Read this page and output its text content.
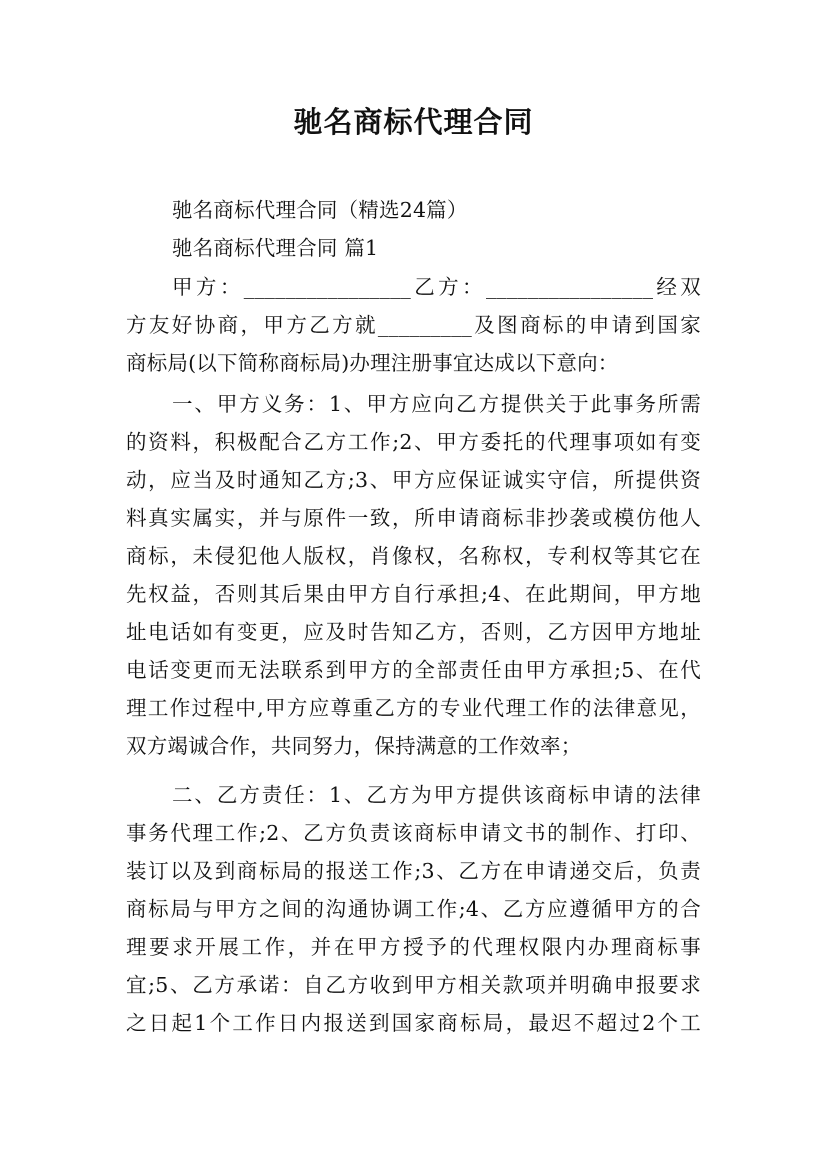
驰名商标代理合同
驰名商标代理合同（精选24篇）
驰名商标代理合同 篇1
甲方：________________乙方：________________经双
方友好协商，甲方乙方就_________及图商标的申请到国家
商标局(以下简称商标局)办理注册事宜达成以下意向：
一、甲方义务：1、甲方应向乙方提供关于此事务所需
的资料，积极配合乙方工作;2、甲方委托的代理事项如有变
动，应当及时通知乙方;3、甲方应保证诚实守信，所提供资
料真实属实，并与原件一致，所申请商标非抄袭或模仿他人
商标，未侵犯他人版权，肖像权，名称权，专利权等其它在
先权益，否则其后果由甲方自行承担;4、在此期间，甲方地
址电话如有变更，应及时告知乙方，否则，乙方因甲方地址
电话变更而无法联系到甲方的全部责任由甲方承担;5、在代
理工作过程中,甲方应尊重乙方的专业代理工作的法律意见，
双方竭诚合作，共同努力，保持满意的工作效率；
二、乙方责任：1、乙方为甲方提供该商标申请的法律
事务代理工作;2、乙方负责该商标申请文书的制作、打印、
装订以及到商标局的报送工作;3、乙方在申请递交后，负责
商标局与甲方之间的沟通协调工作;4、乙方应遵循甲方的合
理要求开展工作，并在甲方授予的代理权限内办理商标事
宜;5、乙方承诺：自乙方收到甲方相关款项并明确申报要求
之日起1个工作日内报送到国家商标局，最迟不超过2个工
